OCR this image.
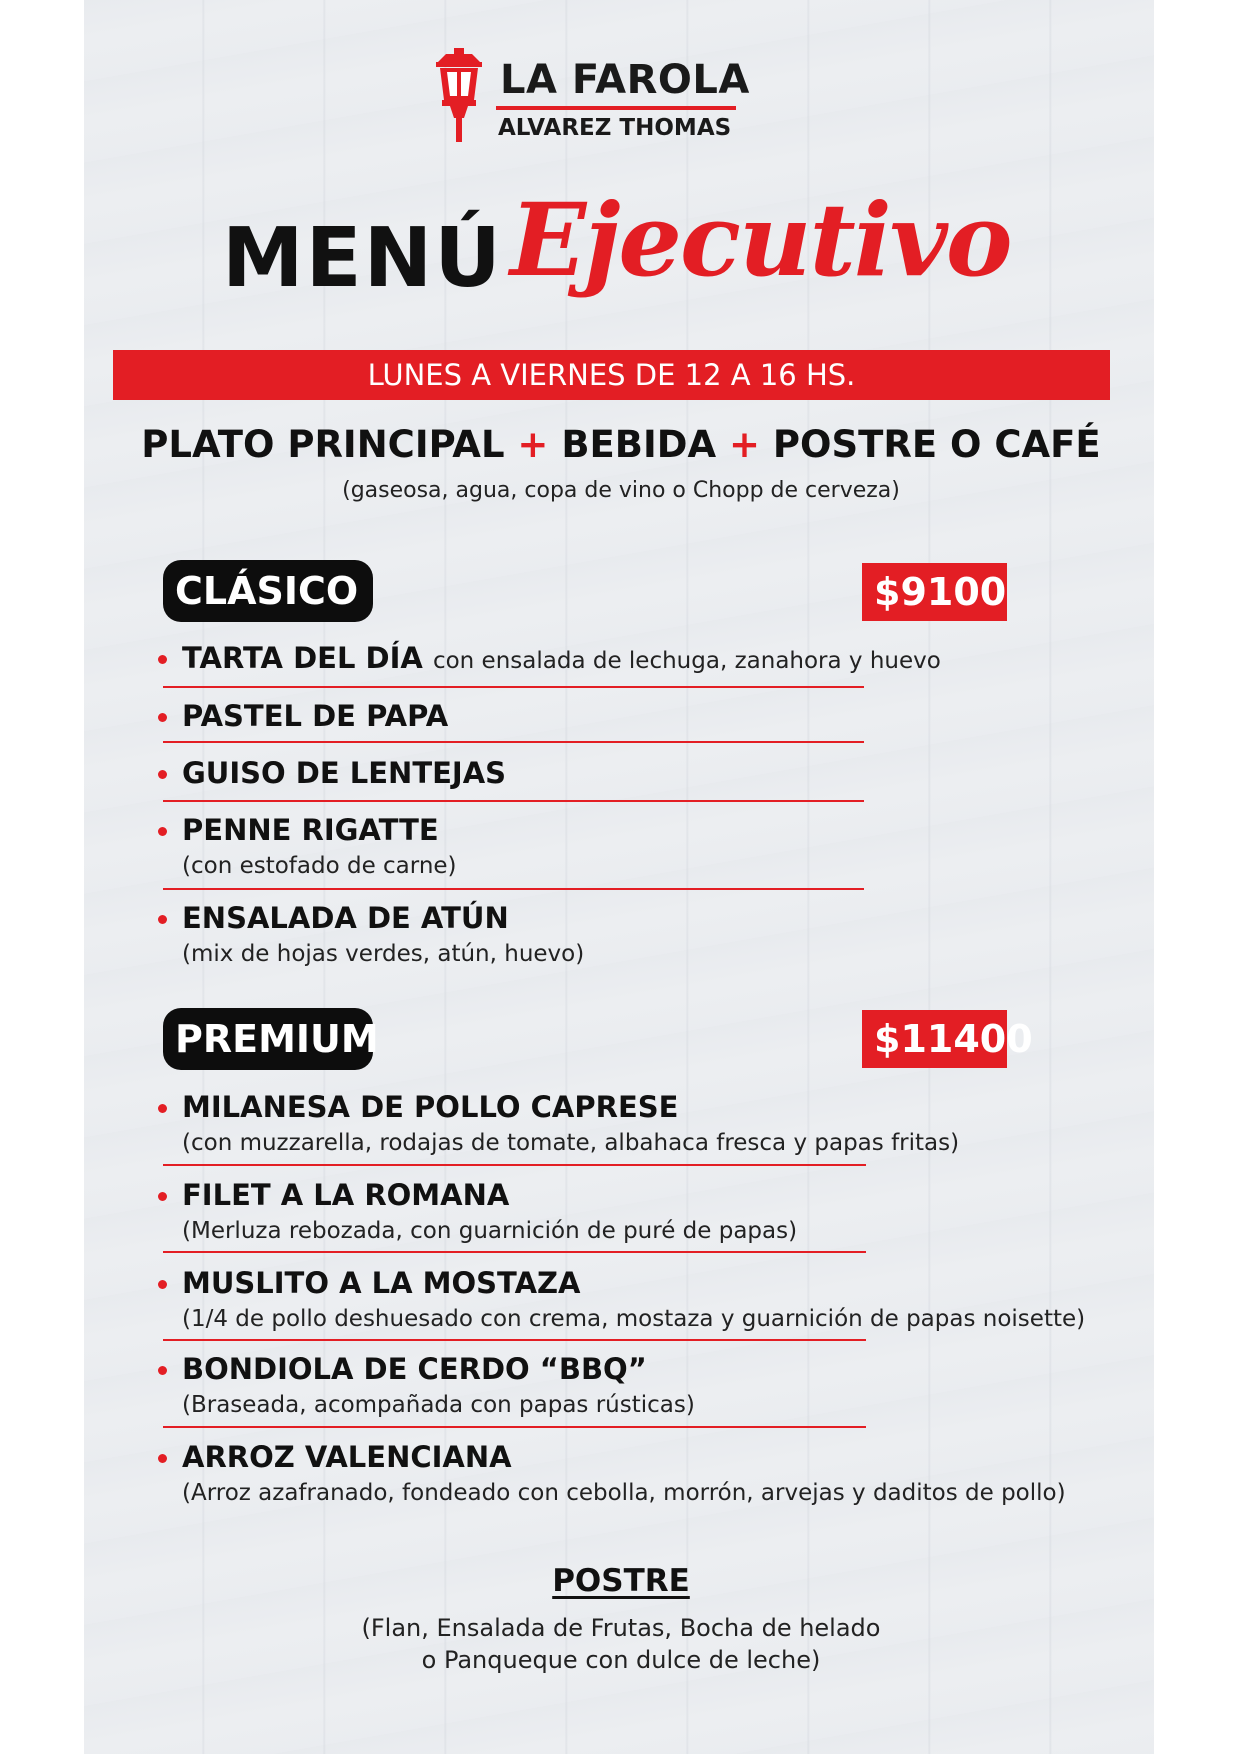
LA FAROLA
ALVAREZ THOMAS
MENÚ Ejecutivo
LUNES A VIERNES DE 12 A 16 HS.
PLATO PRINCIPAL + BEBIDA + POSTRE O CAFÉ
(gaseosa, agua, copa de vino o Chopp de cerveza)
CLÁSICO	$9100
TARTA DEL DÍA con ensalada de lechuga, zanahora y huevo
PASTEL DE PAPA
GUISO DE LENTEJAS
PENNE RIGATTE
(con estofado de carne)
ENSALADA DE ATÚN
(mix de hojas verdes, atún, huevo)
PREMIUM	$11400
MILANESA DE POLLO CAPRESE
(con muzzarella, rodajas de tomate, albahaca fresca y papas fritas)
FILET A LA ROMANA
(Merluza rebozada, con guarnición de puré de papas)
MUSLITO A LA MOSTAZA
(1/4 de pollo deshuesado con crema, mostaza y guarnición de papas noisette)
BONDIOLA DE CERDO “BBQ”
(Braseada, acompañada con papas rústicas)
ARROZ VALENCIANA
(Arroz azafranado, fondeado con cebolla, morrón, arvejas y daditos de pollo)
POSTRE
(Flan, Ensalada de Frutas, Bocha de helado
o Panqueque con dulce de leche)
